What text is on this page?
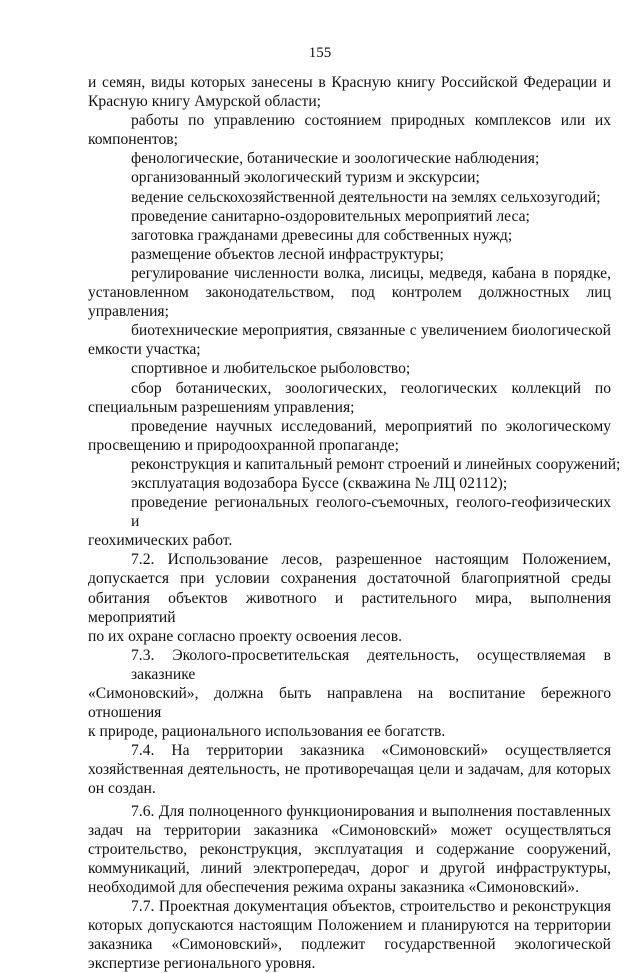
155
и семян, виды которых занесены в Красную книгу Российской Федерации и
Красную книгу Амурской области;
работы по управлению состоянием природных комплексов или их
компонентов;
фенологические, ботанические и зоологические наблюдения;
организованный экологический туризм и экскурсии;
ведение сельскохозяйственной деятельности на землях сельхозугодий;
проведение санитарно-оздоровительных мероприятий леса;
заготовка гражданами древесины для собственных нужд;
размещение объектов лесной инфраструктуры;
регулирование численности волка, лисицы, медведя, кабана в порядке,
установленном законодательством, под контролем должностных лиц
управления;
биотехнические мероприятия, связанные с увеличением биологической
емкости участка;
спортивное и любительское рыболовство;
сбор ботанических, зоологических, геологических коллекций по
специальным разрешениям управления;
проведение научных исследований, мероприятий по экологическому
просвещению и природоохранной пропаганде;
реконструкция и капитальный ремонт строений и линейных сооружений;
эксплуатация водозабора Буссе (скважина № ЛЦ 02112);
проведение региональных геолого-съемочных, геолого-геофизических и
геохимических работ.
7.2. Использование лесов, разрешенное настоящим Положением,
допускается при условии сохранения достаточной благоприятной среды
обитания объектов животного и растительного мира, выполнения мероприятий
по их охране согласно проекту освоения лесов.
7.3. Эколого-просветительская деятельность, осуществляемая в заказнике
«Симоновский», должна быть направлена на воспитание бережного отношения
к природе, рационального использования ее богатств.
7.4. На территории заказника «Симоновский» осуществляется
хозяйственная деятельность, не противоречащая цели и задачам, для которых
он создан.
7.6. Для полноценного функционирования и выполнения поставленных
задач на территории заказника «Симоновский» может осуществляться
строительство, реконструкция, эксплуатация и содержание сооружений,
коммуникаций, линий электропередач, дорог и другой инфраструктуры,
необходимой для обеспечения режима охраны заказника «Симоновский».
7.7. Проектная документация объектов, строительство и реконструкция
которых допускаются настоящим Положением и планируются на территории
заказника «Симоновский», подлежит государственной экологической
экспертизе регионального уровня.
